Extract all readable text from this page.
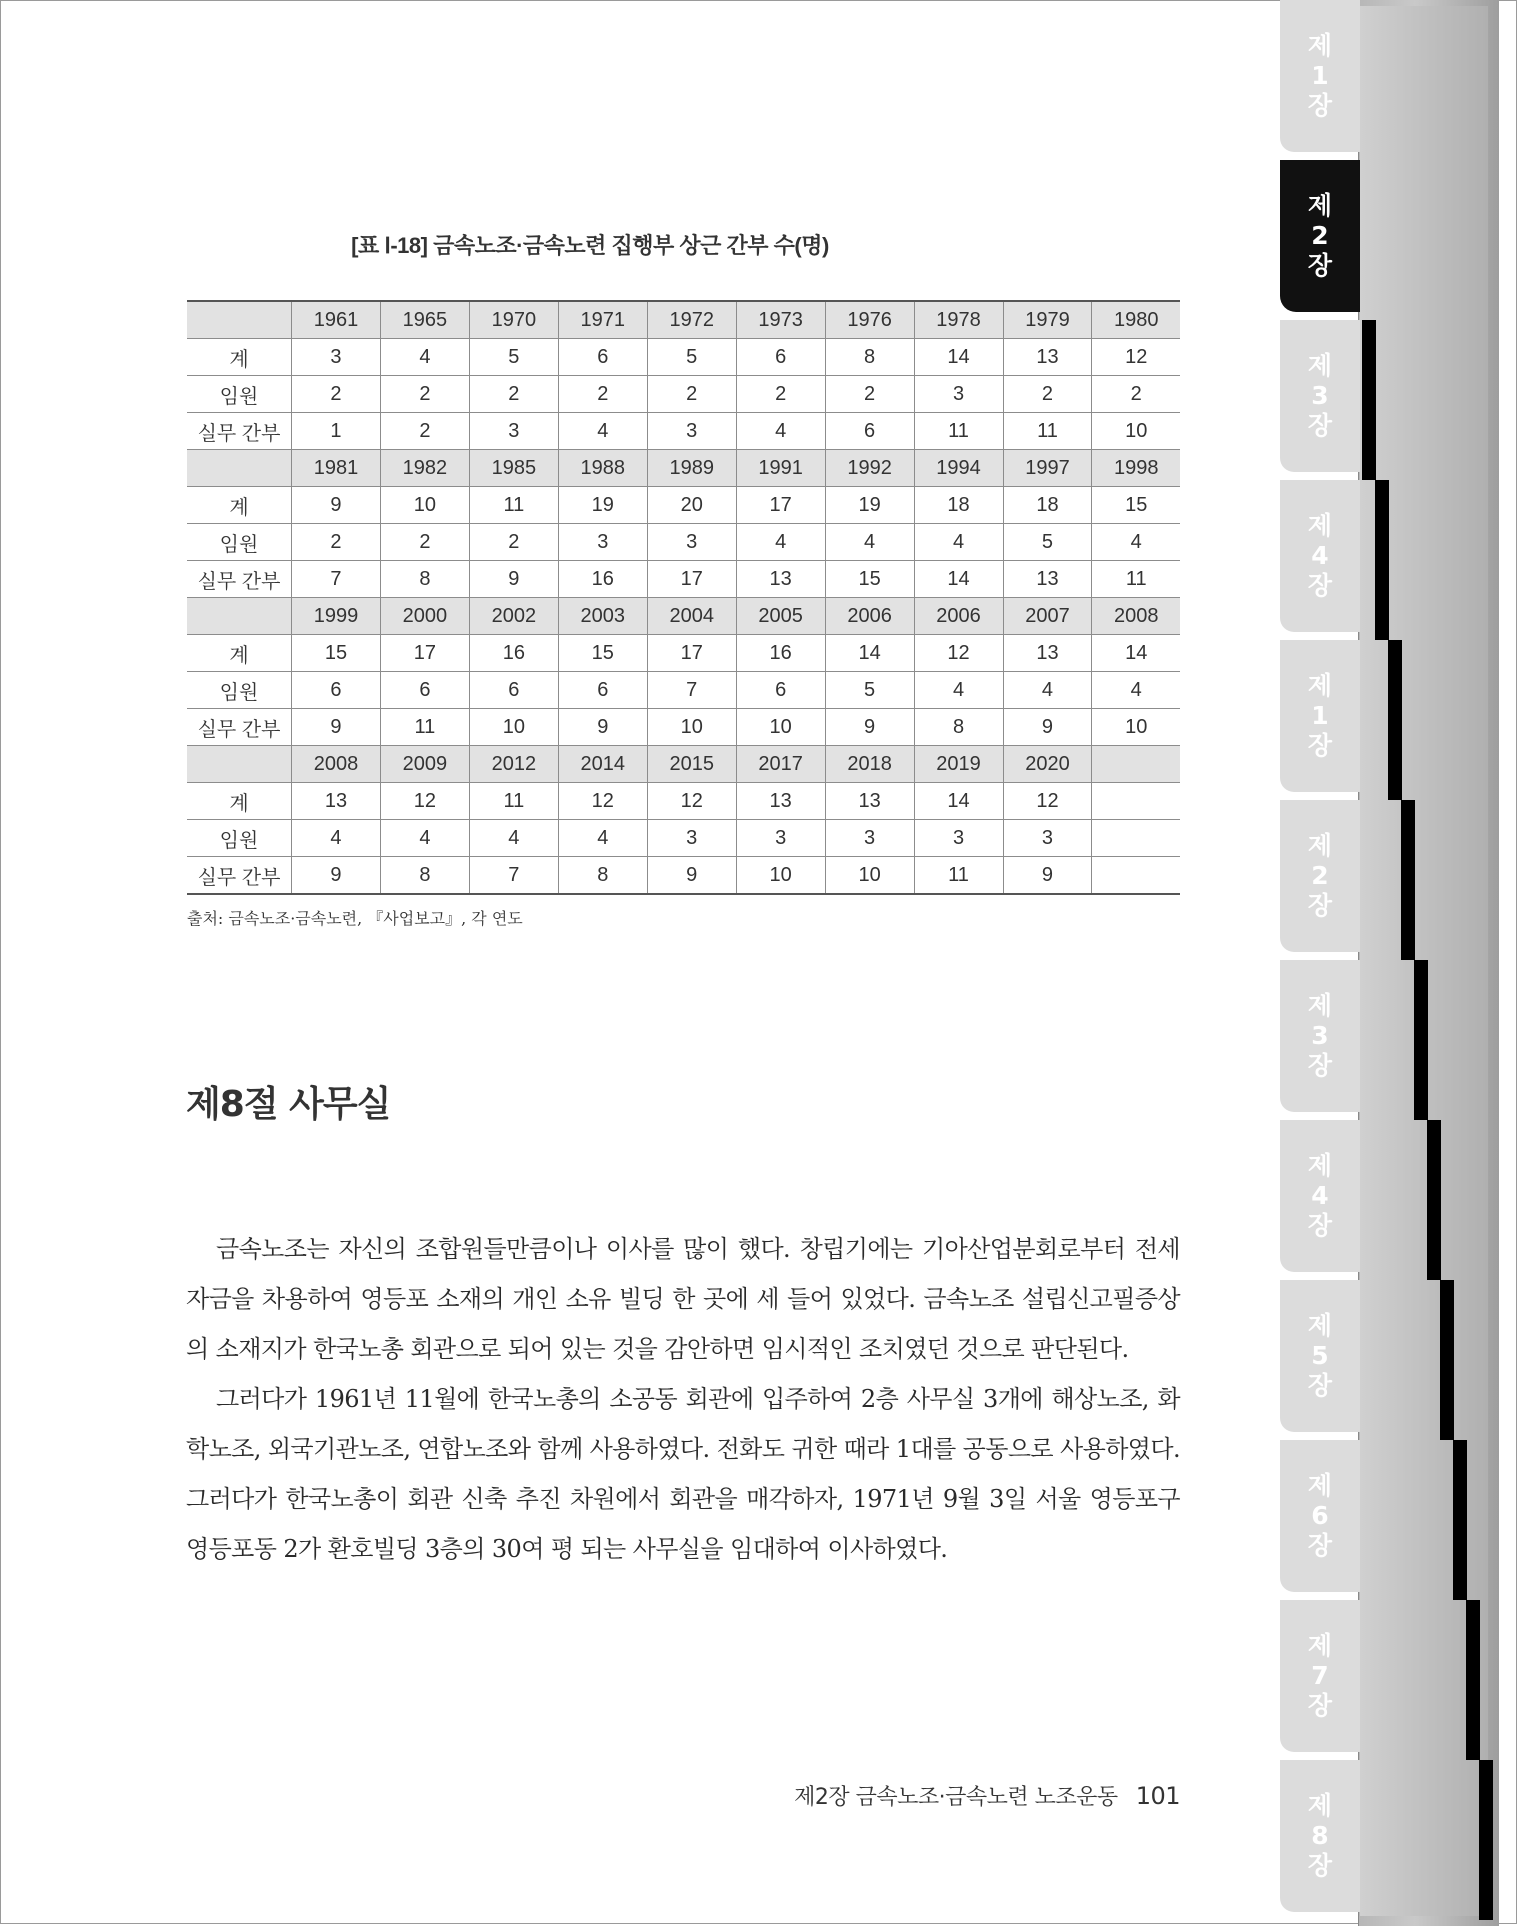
제
1
장
제
2
장
제
3
장
제
4
장
제
1
장
제
2
장
제
3
장
제
4
장
제
5
장
제
6
장
제
7
장
제
8
장
[표 Ⅰ-18] 금속노조·금속노련 집행부 상근 간부 수(명)
	1961	1965	1970	1971	1972	1973	1976	1978	1979	1980
계	3	4	5	6	5	6	8	14	13	12
임원	2	2	2	2	2	2	2	3	2	2
실무 간부	1	2	3	4	3	4	6	11	11	10
	1981	1982	1985	1988	1989	1991	1992	1994	1997	1998
계	9	10	11	19	20	17	19	18	18	15
임원	2	2	2	3	3	4	4	4	5	4
실무 간부	7	8	9	16	17	13	15	14	13	11
	1999	2000	2002	2003	2004	2005	2006	2006	2007	2008
계	15	17	16	15	17	16	14	12	13	14
임원	6	6	6	6	7	6	5	4	4	4
실무 간부	9	11	10	9	10	10	9	8	9	10
	2008	2009	2012	2014	2015	2017	2018	2019	2020	
계	13	12	11	12	12	13	13	14	12	
임원	4	4	4	4	3	3	3	3	3	
실무 간부	9	8	7	8	9	10	10	11	9	
출처: 금속노조·금속노련, 『사업보고』, 각 연도
제8절 사무실

금속노조는 자신의 조합원들만큼이나 이사를 많이 했다. 창립기에는 기아산업분회로부터 전세 자금을 차용하여 영등포 소재의 개인 소유 빌딩 한 곳에 세 들어 있었다. 금속노조 설립신고필증상의 소재지가 한국노총 회관으로 되어 있는 것을 감안하면 임시적인 조치였던 것으로 판단된다.

그러다가 1961년 11월에 한국노총의 소공동 회관에 입주하여 2층 사무실 3개에 해상노조, 화학노조, 외국기관노조, 연합노조와 함께 사용하였다. 전화도 귀한 때라 1대를 공동으로 사용하였다. 그러다가 한국노총이 회관 신축 추진 차원에서 회관을 매각하자, 1971년 9월 3일 서울 영등포구 영등포동 2가 환호빌딩 3층의 30여 평 되는 사무실을 임대하여 이사하였다.

제2장 금속노조·금속노련 노조운동 101
